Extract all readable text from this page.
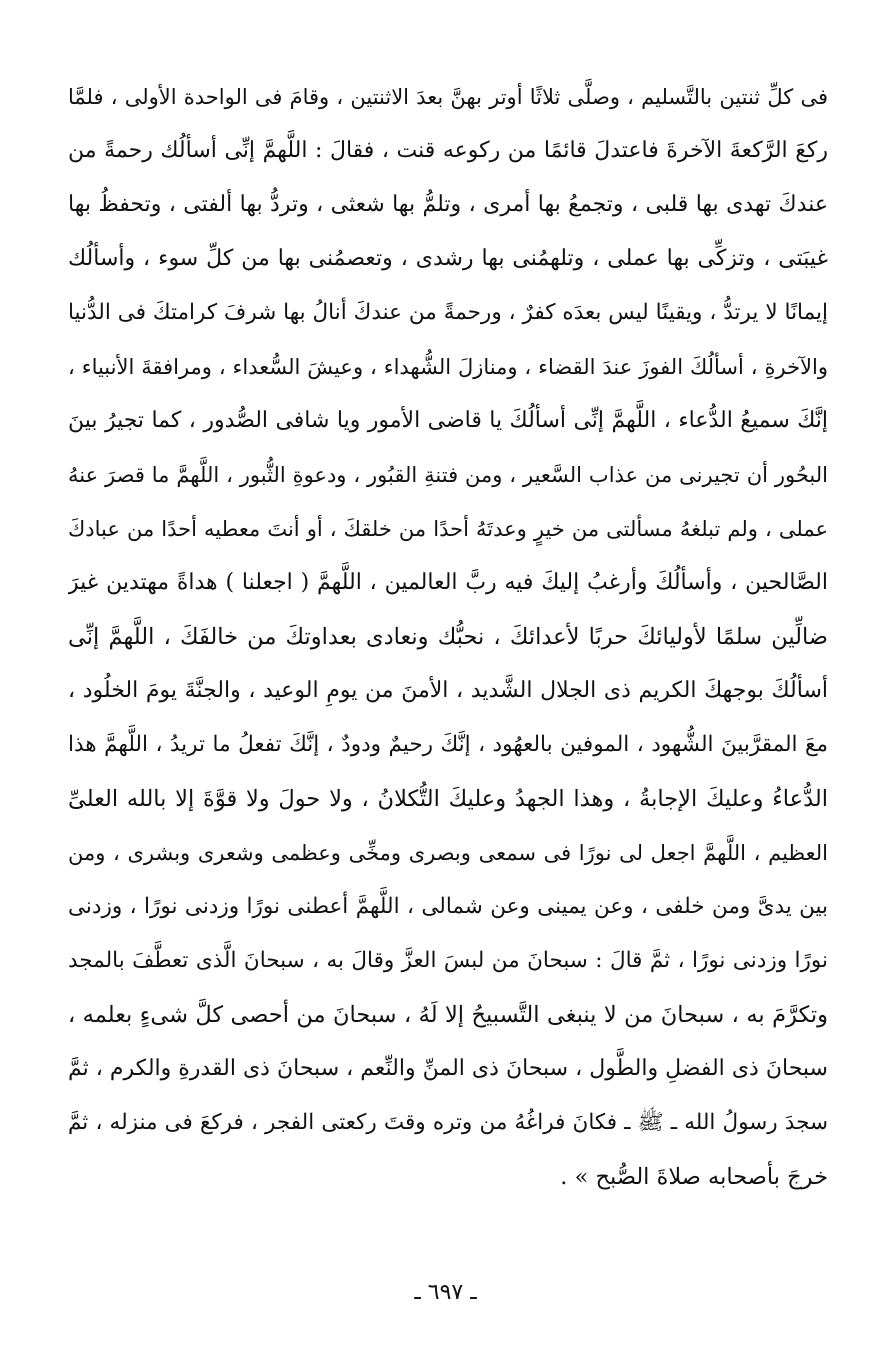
فى كلِّ ثنتين بالتَّسليم ، وصلَّى ثلاثًا أوتر بهنَّ بعدَ الاثنتين ، وقامَ فى الواحدة الأولى ، فلمَّا
ركعَ الرَّكعةَ الآخرةَ فاعتدلَ قائمًا من ركوعه قنت ، فقالَ : اللَّهمَّ إنِّى أسألُك رحمةً من
عندكَ تهدى بها قلبى ، وتجمعُ بها أمرى ، وتلمُّ بها شعثى ، وتردُّ بها ألفتى ، وتحفظُ بها
غيبَتى ، وتزكِّى بها عملى ، وتلهمُنى بها رشدى ، وتعصمُنى بها من كلِّ سوء ، وأسألُك
إيمانًا لا يرتدُّ ، ويقينًا ليس بعدَه كفرٌ ، ورحمةً من عندكَ أنالُ بها شرفَ كرامتكَ فى الدُّنيا
والآخرةِ ، أسألُكَ الفوزَ عندَ القضاء ، ومنازلَ الشُّهداء ، وعيشَ السُّعداء ، ومرافقةَ الأنبياء ،
إنَّكَ سميعُ الدُّعاء ، اللَّهمَّ إنِّى أسألُكَ يا قاضى الأمور ويا شافى الصُّدور ، كما تجيرُ بينَ
البحُور أن تجيرنى من عذاب السَّعير ، ومن فتنةِ القبُور ، ودعوةِ الثُّبور ، اللَّهمَّ ما قصرَ عنهُ
عملى ، ولم تبلغهُ مسألتى من خيرٍ وعدتَهُ أحدًا من خلقكَ ، أو أنتَ معطيه أحدًا من عبادكَ
الصَّالحين ، وأسألُكَ وأرغبُ إليكَ فيه ربَّ العالمين ، اللَّهمَّ ( اجعلنا ) هداةً مهتدين غيرَ
ضالِّين سلمًا لأوليائكَ حربًا لأعدائكَ ، نحبُّك ونعادى بعداوتكَ من خالفَكَ ، اللَّهمَّ إنِّى
أسألُكَ بوجهكَ الكريم ذى الجلال الشَّديد ، الأمنَ من يومِ الوعيد ، والجنَّةَ يومَ الخلُود ،
معَ المقرَّبينَ الشُّهود ، الموفين بالعهُود ، إنَّكَ رحيمٌ ودودٌ ، إنَّكَ تفعلُ ما تريدُ ، اللَّهمَّ هذا
الدُّعاءُ وعليكَ الإجابةُ ، وهذا الجهدُ وعليكَ التُّكلانُ ، ولا حولَ ولا قوَّةَ إلا بالله العلىِّ
العظيم ، اللَّهمَّ اجعل لى نورًا فى سمعى وبصرى ومخِّى وعظمى وشعرى وبشرى ، ومن
بين يدىَّ ومن خلفى ، وعن يمينى وعن شمالى ، اللَّهمَّ أعطنى نورًا وزدنى نورًا ، وزدنى
نورًا وزدنى نورًا ، ثمَّ قالَ : سبحانَ من لبسَ العزَّ وقالَ به ، سبحانَ الَّذى تعطَّفَ بالمجد
وتكرَّمَ به ، سبحانَ من لا ينبغى التَّسبيحُ إلا لَهُ ، سبحانَ من أحصى كلَّ شىءٍ بعلمه ،
سبحانَ ذى الفضلِ والطَّول ، سبحانَ ذى المنِّ والنِّعم ، سبحانَ ذى القدرةِ والكرم ، ثمَّ
سجدَ رسولُ الله ـ ﷺ ـ فكانَ فراغُهُ من وتره وقتَ ركعتى الفجر ، فركعَ فى منزله ، ثمَّ
خرجَ بأصحابه صلاةَ الصُّبح » .
ـ ٦٩٧ ـ
